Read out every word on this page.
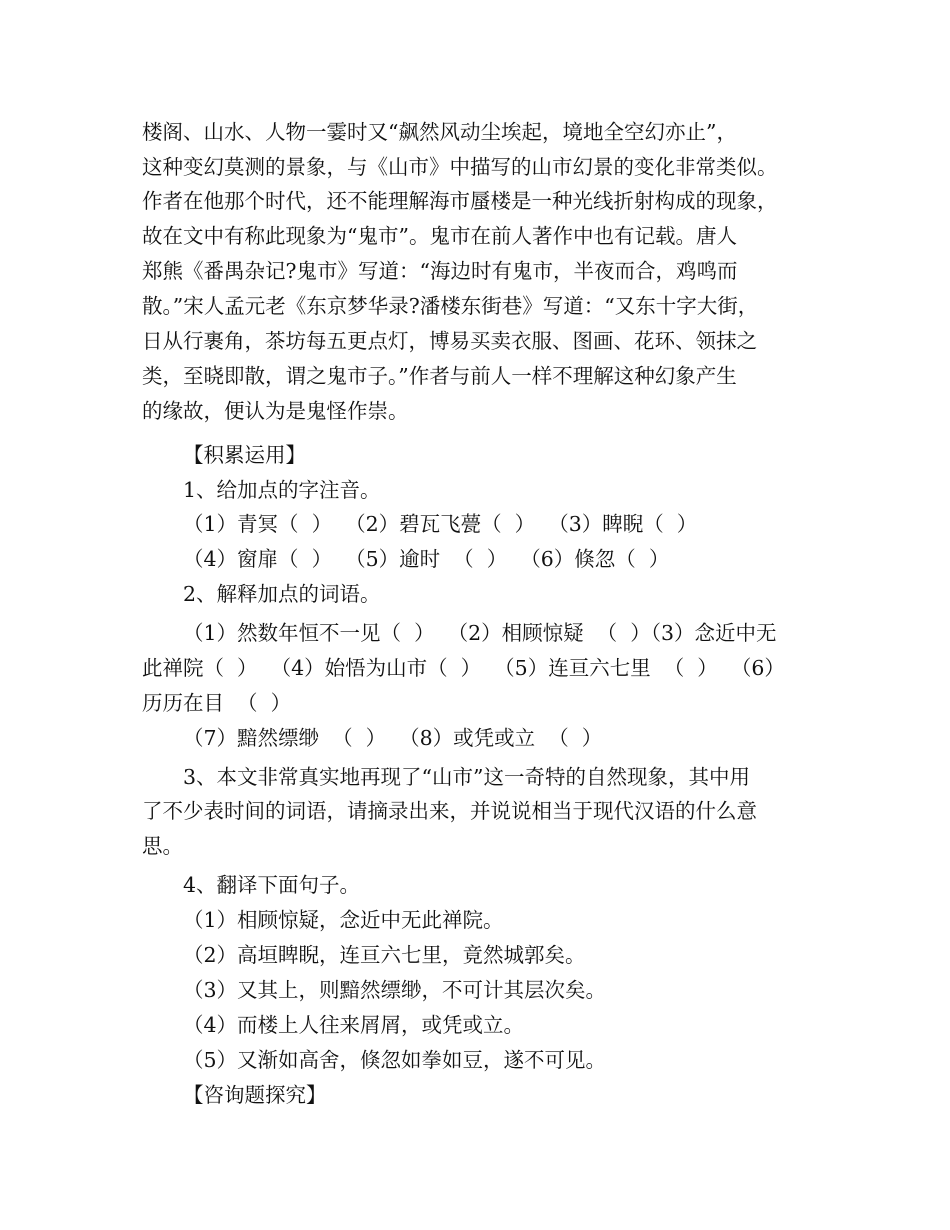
楼阁、山水、人物一霎时又“飙然风动尘埃起，境地全空幻亦止”，
这种变幻莫测的景象，与《山市》中描写的山市幻景的变化非常类似。
作者在他那个时代，还不能理解海市蜃楼是一种光线折射构成的现象，
故在文中有称此现象为“鬼市”。鬼市在前人著作中也有记载。唐人
郑熊《番禺杂记?鬼市》写道：“海边时有鬼市，半夜而合，鸡鸣而
散。”宋人孟元老《东京梦华录?潘楼东街巷》写道：“又东十字大街，
日从行裹角，茶坊每五更点灯，博易买卖衣服、图画、花环、领抹之
类，至晓即散，谓之鬼市子。”作者与前人一样不理解这种幻象产生
的缘故，便认为是鬼怪作崇。
【积累运用】
1、给加点的字注音。
（1）青冥（  ）  （2）碧瓦飞甍（  ）  （3）睥睨（  ）
（4）窗扉（  ）  （5）逾时  （  ）  （6）倏忽（  ）
2、解释加点的词语。
（1）然数年恒不一见（  ）  （2）相顾惊疑  （  ）（3）念近中无
此禅院（  ）  （4）始悟为山市（  ）  （5）连亘六七里  （  ）  （6）
历历在目  （  ）
（7）黯然缥缈  （  ）  （8）或凭或立  （  ）
3、本文非常真实地再现了“山市”这一奇特的自然现象，其中用
了不少表时间的词语，请摘录出来，并说说相当于现代汉语的什么意
思。
4、翻译下面句子。
（1）相顾惊疑，念近中无此禅院。
（2）高垣睥睨，连亘六七里，竟然城郭矣。
（3）又其上，则黯然缥缈，不可计其层次矣。
（4）而楼上人往来屑屑，或凭或立。
（5）又渐如高舍，倏忽如拳如豆，遂不可见。
【咨询题探究】
